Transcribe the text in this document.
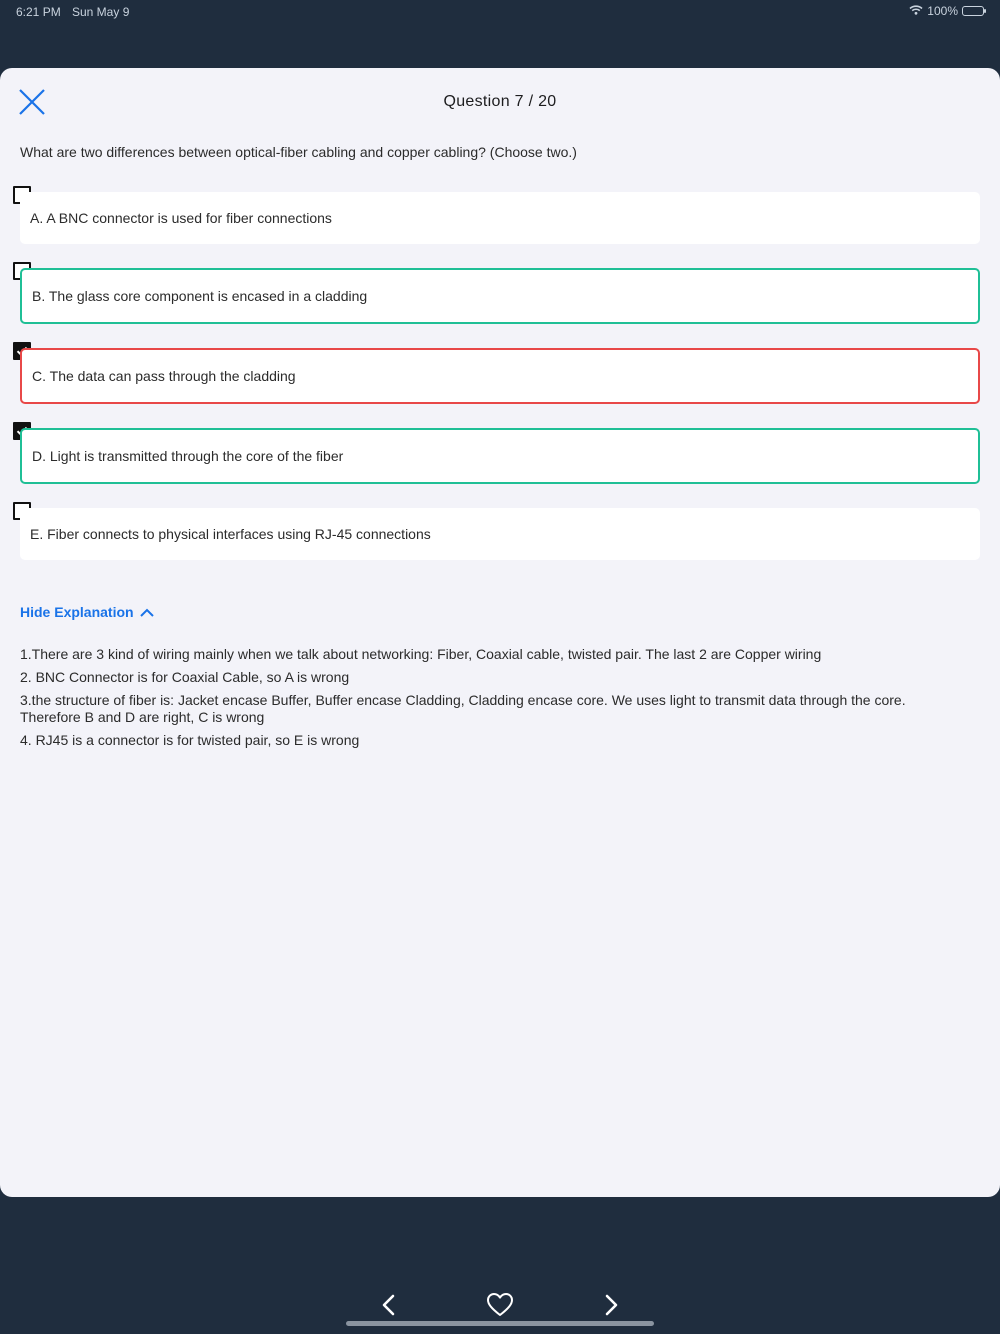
6:21 PM Sun May 9	100%
Question 7 / 20
What are two differences between optical-fiber cabling and copper cabling? (Choose two.)
A. A BNC connector is used for fiber connections
B. The glass core component is encased in a cladding
C. The data can pass through the cladding
D. Light is transmitted through the core of the fiber
E. Fiber connects to physical interfaces using RJ-45 connections
Hide Explanation

1.There are 3 kind of wiring mainly when we talk about networking: Fiber, Coaxial cable, twisted pair. The last 2 are Copper wiring

2. BNC Connector is for Coaxial Cable, so A is wrong

3.the structure of fiber is: Jacket encase Buffer, Buffer encase Cladding, Cladding encase core. We uses light to transmit data through the core. Therefore B and D are right, C is wrong

4. RJ45 is a connector is for twisted pair, so E is wrong
